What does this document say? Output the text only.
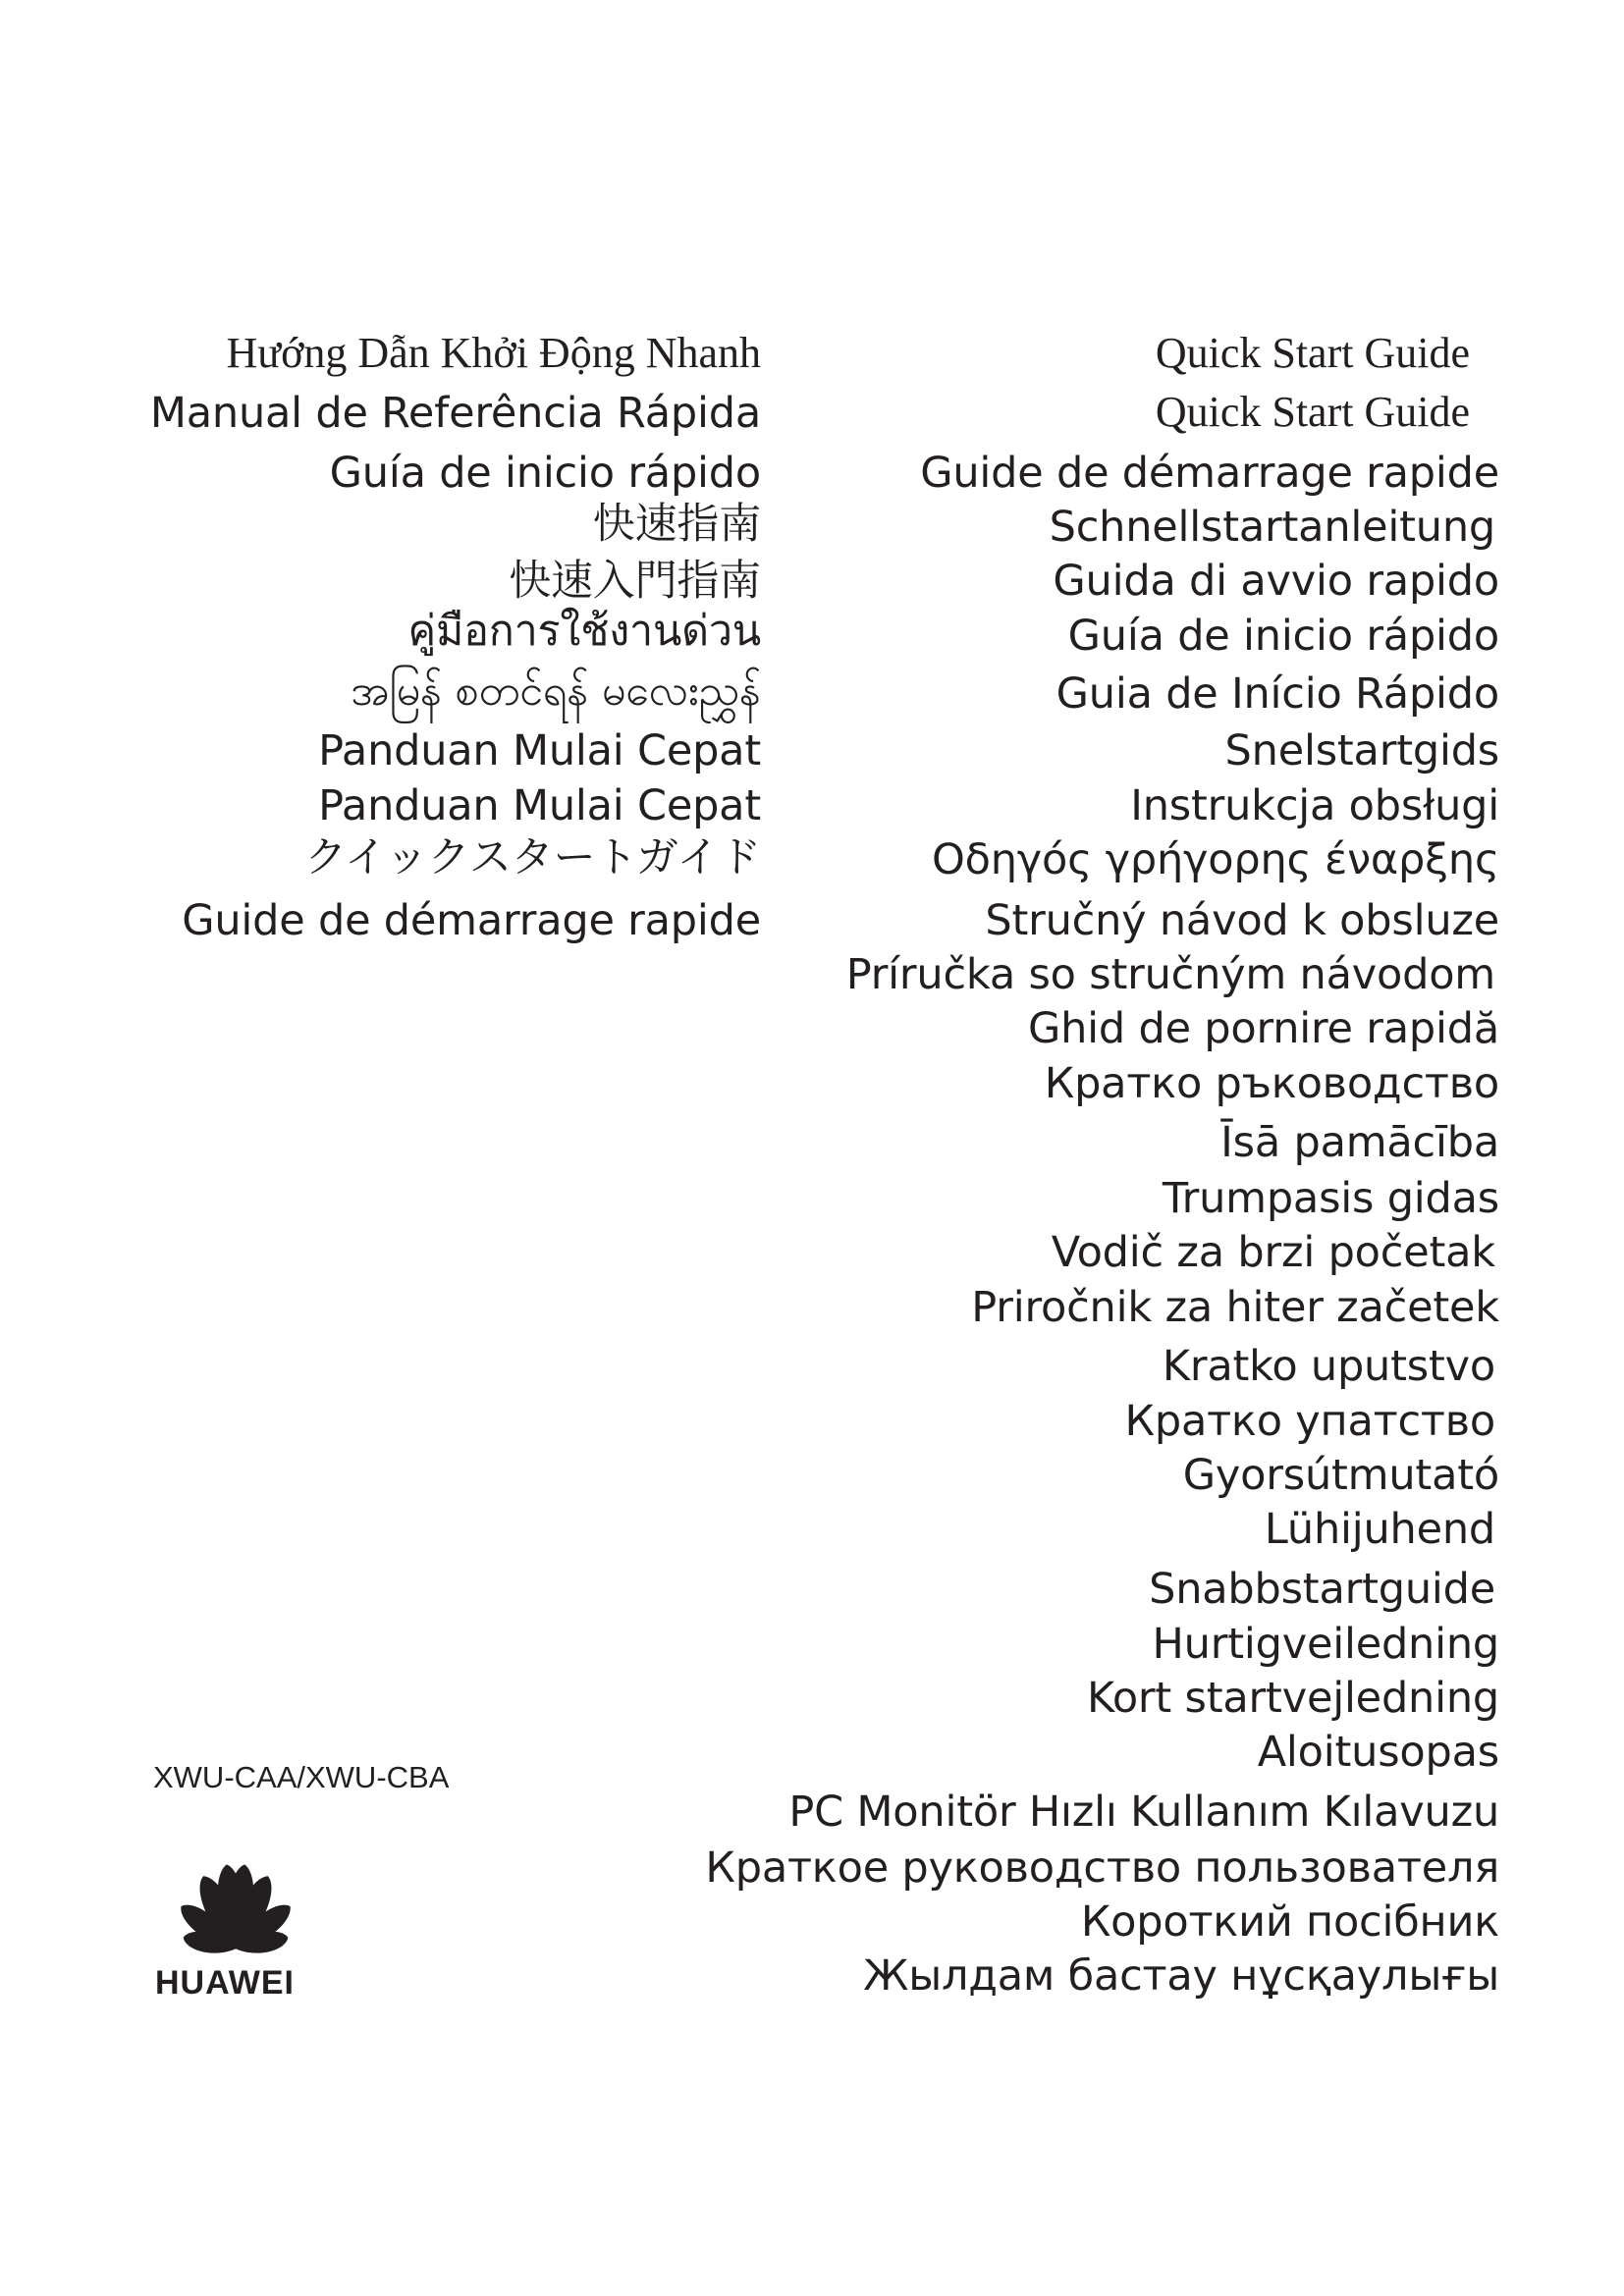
Hướng Dẫn Khởi Động Nhanh
Manual de Referência Rápida
Guía de inicio rápido
快速指南
快速入門指南
คู่มือการใช้งานด่วน
အမြန် စတင်ရန် မလေးညွှန်
Panduan Mulai Cepat
Panduan Mulai Cepat
クイックスタートガイド
Guide de démarrage rapide
Quick Start Guide
Quick Start Guide
Guide de démarrage rapide
Schnellstartanleitung
Guida di avvio rapido
Guía de inicio rápido
Guia de Início Rápido
Snelstartgids
Instrukcja obsługi
Οδηγός γρήγορης έναρξης
Stručný návod k obsluze
Príručka so stručným návodom
Ghid de pornire rapidă
Кратко ръководство
Īsā pamācība
Trumpasis gidas
Vodič za brzi početak
Priročnik za hiter začetek
Kratko uputstvo
Кратко упатство
Gyorsútmutató
Lühijuhend
Snabbstartguide
Hurtigveiledning
Kort startvejledning
Aloitusopas
PC Monitör Hızlı Kullanım Kılavuzu
Краткое руководство пользователя
Короткий посібник
Жылдам бастау нұсқаулығы
XWU-CAA/XWU-CBA
HUAWEI
